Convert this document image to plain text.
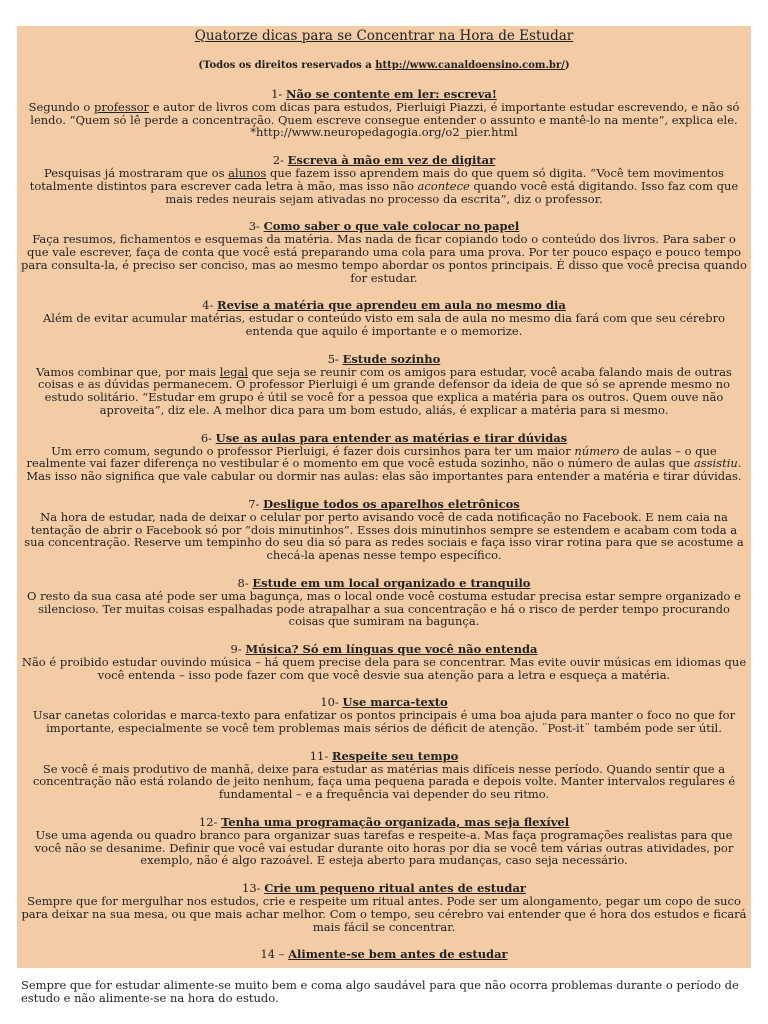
Quatorze dicas para se Concentrar na Hora de Estudar
(Todos os direitos reservados a http://www.canaldoensino.com.br/)

1- Não se contente em ler: escreva!

Segundo o professor e autor de livros com dicas para estudos, Pierluigi Piazzi, é importante estudar escrevendo, e não só lendo. “Quem só lê perde a concentração. Quem escreve consegue entender o assunto e mantê-lo na mente”, explica ele.
*http://www.neuropedagogia.org/o2_pier.html

2- Escreva à mão em vez de digitar

Pesquisas já mostraram que os alunos que fazem isso aprendem mais do que quem só digita. “Você tem movimentos totalmente distintos para escrever cada letra à mão, mas isso não acontece quando você está digitando. Isso faz com que mais redes neurais sejam ativadas no processo da escrita”, diz o professor.

3- Como saber o que vale colocar no papel

Faça resumos, fichamentos e esquemas da matéria. Mas nada de ficar copiando todo o conteúdo dos livros. Para saber o que vale escrever, faça de conta que você está preparando uma cola para uma prova. Por ter pouco espaço e pouco tempo para consulta-la, é preciso ser conciso, mas ao mesmo tempo abordar os pontos principais. É disso que você precisa quando for estudar.

4- Revise a matéria que aprendeu em aula no mesmo dia

Além de evitar acumular matérias, estudar o conteúdo visto em sala de aula no mesmo dia fará com que seu cérebro entenda que aquilo é importante e o memorize.

5- Estude sozinho

Vamos combinar que, por mais legal que seja se reunir com os amigos para estudar, você acaba falando mais de outras coisas e as dúvidas permanecem. O professor Pierluigi é um grande defensor da ideia de que só se aprende mesmo no estudo solitário. “Estudar em grupo é útil se você for a pessoa que explica a matéria para os outros. Quem ouve não aproveita”, diz ele. A melhor dica para um bom estudo, aliás, é explicar a matéria para si mesmo.

6- Use as aulas para entender as matérias e tirar dúvidas

Um erro comum, segundo o professor Pierluigi, é fazer dois cursinhos para ter um maior número de aulas – o que realmente vai fazer diferença no vestibular é o momento em que você estuda sozinho, não o número de aulas que assistiu. Mas isso não significa que vale cabular ou dormir nas aulas: elas são importantes para entender a matéria e tirar dúvidas.

7- Desligue todos os aparelhos eletrônicos

Na hora de estudar, nada de deixar o celular por perto avisando você de cada notificação no Facebook. E nem caia na tentação de abrir o Facebook só por “dois minutinhos”. Esses dois minutinhos sempre se estendem e acabam com toda a sua concentração. Reserve um tempinho do seu dia só para as redes sociais e faça isso virar rotina para que se acostume a checá-la apenas nesse tempo específico.

8- Estude em um local organizado e tranquilo

O resto da sua casa até pode ser uma bagunça, mas o local onde você costuma estudar precisa estar sempre organizado e silencioso. Ter muitas coisas espalhadas pode atrapalhar a sua concentração e há o risco de perder tempo procurando coisas que sumiram na bagunça.

9- Música? Só em línguas que você não entenda

Não é proibido estudar ouvindo música – há quem precise dela para se concentrar. Mas evite ouvir músicas em idiomas que você entenda – isso pode fazer com que você desvie sua atenção para a letra e esqueça a matéria.

10- Use marca-texto

Usar canetas coloridas e marca-texto para enfatizar os pontos principais é uma boa ajuda para manter o foco no que for importante, especialmente se você tem problemas mais sérios de déficit de atenção. ¨Post-it¨ também pode ser útil.

11- Respeite seu tempo

Se você é mais produtivo de manhã, deixe para estudar as matérias mais difíceis nesse período. Quando sentir que a concentração não está rolando de jeito nenhum, faça uma pequena parada e depois volte. Manter intervalos regulares é fundamental – e a frequência vai depender do seu ritmo.

12- Tenha uma programação organizada, mas seja flexível

Use uma agenda ou quadro branco para organizar suas tarefas e respeite-a. Mas faça programações realistas para que você não se desanime. Definir que você vai estudar durante oito horas por dia se você tem várias outras atividades, por exemplo, não é algo razoável. E esteja aberto para mudanças, caso seja necessário.

13- Crie um pequeno ritual antes de estudar

Sempre que for mergulhar nos estudos, crie e respeite um ritual antes. Pode ser um alongamento, pegar um copo de suco para deixar na sua mesa, ou que mais achar melhor. Com o tempo, seu cérebro vai entender que é hora dos estudos e ficará mais fácil se concentrar.

14 – Alimente-se bem antes de estudar

Sempre que for estudar alimente-se muito bem e coma algo saudável para que não ocorra problemas durante o período de estudo e não alimente-se na hora do estudo.
